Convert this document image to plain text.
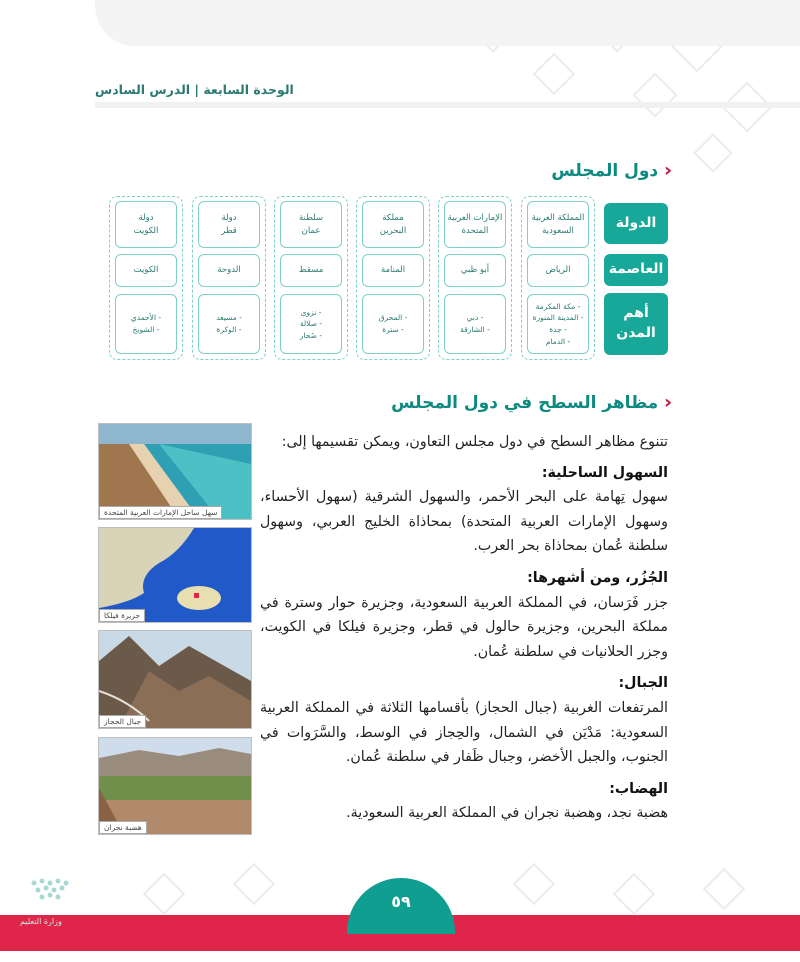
الوحدة السابعة | الدرس السادس
‹‹
دول المجلس
الدولة
العاصمة
أهم
المدن
المملكة العربية
السعودية
الرياض
- مكة المكرمة
- المدينة المنورة
- جدة
- الدمام
الإمارات العربية
المتحدة
أبو ظبي
- دبي
- الشارقة
مملكة
البحرين
المنامة
- المحرق
- سترة
سلطنة
عمان
مسقط
- نزوى
- صلالة
- صُحار
دولة
قطر
الدوحة
- مسيعد
- الوكرة
دولة
الكويت
الكويت
- الأحمدي
- الشويخ
‹‹
مظاهر السطح في دول المجلس

تتنوع مظاهر السطح في دول مجلس التعاون، ويمكن تقسيمها إلى:

السهول الساحلية:

سهول تِهامة على البحر الأحمر، والسهول الشرقية (سهول الأحساء، وسهول الإمارات العربية المتحدة) بمحاذاة الخليج العربي، وسهول سلطنة عُمان بمحاذاة بحر العرب.

الجُزُر، ومن أشهرها:

جزر فَرَسان، في المملكة العربية السعودية، وجزيرة حوار وسترة في مملكة البحرين، وجزيرة حالول في قطر، وجزيرة فيلكا في الكويت، وجزر الحلانيات في سلطنة عُمان.

الجبال:

المرتفعات الغربية (جبال الحجاز) بأقسامها الثلاثة في المملكة العربية السعودية: مَدْيَن في الشمال، والحِجاز في الوسط، والسَّرَوات في الجنوب، والجبل الأخضر، وجبال ظَفار في سلطنة عُمان.

الهضاب:

هضبة نجد، وهضبة نجران في المملكة العربية السعودية.

سهل ساحل الإمارات العربية المتحدة
جزيرة فيلكا
جبال الحجاز
هضبة نجران
وزارة التعليم
٥٩
